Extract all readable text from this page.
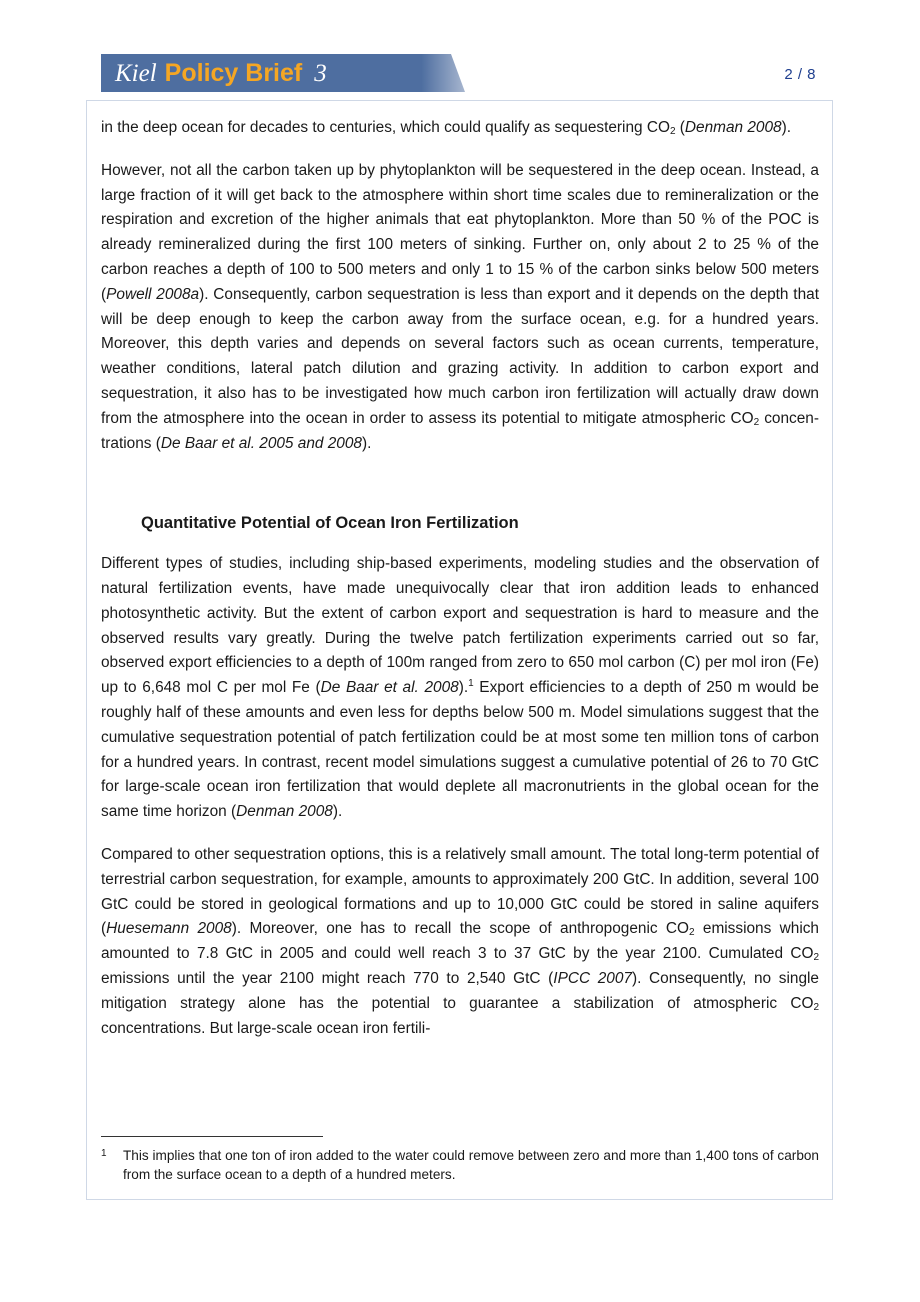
Kiel Policy Brief 3	2 / 8

in the deep ocean for decades to centuries, which could qualify as sequestering $CO_2$ (Denman 2008).

However, not all the carbon taken up by phytoplankton will be sequestered in the deep ocean. Instead, a large fraction of it will get back to the atmosphere within short time scales due to remineralization or the respiration and excretion of the higher animals that eat phytoplankton. More than 50 % of the POC is already remineralized during the first 100 meters of sinking. Further on, only about 2 to 25 % of the carbon reaches a depth of 100 to 500 meters and only 1 to 15 % of the carbon sinks below 500 meters (Powell 2008a). Consequently, carbon sequestration is less than export and it depends on the depth that will be deep enough to keep the carbon away from the surface ocean, e.g. for a hundred years. Moreover, this depth varies and depends on several factors such as ocean currents, temperature, weather conditions, lateral patch dilution and grazing activity. In addition to carbon export and sequestration, it also has to be investigated how much carbon iron fertilization will actually draw down from the atmosphere into the ocean in order to assess its potential to mitigate atmospheric $CO_2$ concentrations (De Baar et al. 2005 and 2008).

Quantitative Potential of Ocean Iron Fertilization

Different types of studies, including ship-based experiments, modeling studies and the observation of natural fertilization events, have made unequivocally clear that iron addition leads to enhanced photosynthetic activity. But the extent of carbon export and sequestration is hard to measure and the observed results vary greatly. During the twelve patch fertilization experiments carried out so far, observed export efficiencies to a depth of 100m ranged from zero to 650 mol carbon (C) per mol iron (Fe) up to 6,648 mol C per mol Fe (De Baar et al. 2008).$^1$ Export efficiencies to a depth of 250 m would be roughly half of these amounts and even less for depths below 500 m. Model simulations suggest that the cumulative sequestration potential of patch fertilization could be at most some ten million tons of carbon for a hundred years. In contrast, recent model simulations suggest a cumulative potential of 26 to 70 GtC for large-scale ocean iron fertilization that would deplete all macronutrients in the global ocean for the same time horizon (Denman 2008).

Compared to other sequestration options, this is a relatively small amount. The total long-term potential of terrestrial carbon sequestration, for example, amounts to approximately 200 GtC. In addition, several 100 GtC could be stored in geological formations and up to 10,000 GtC could be stored in saline aquifers (Huesemann 2008). Moreover, one has to recall the scope of anthropogenic $CO_2$ emissions which amounted to 7.8 GtC in 2005 and could well reach 3 to 37 GtC by the year 2100. Cumulated $CO_2$ emissions until the year 2100 might reach 770 to 2,540 GtC (IPCC 2007). Consequently, no single mitigation strategy alone has the potential to guarantee a stabilization of atmospheric $CO_2$ concentrations. But large-scale ocean iron fertili-

1 This implies that one ton of iron added to the water could remove between zero and more than 1,400 tons of carbon from the surface ocean to a depth of a hundred meters.
